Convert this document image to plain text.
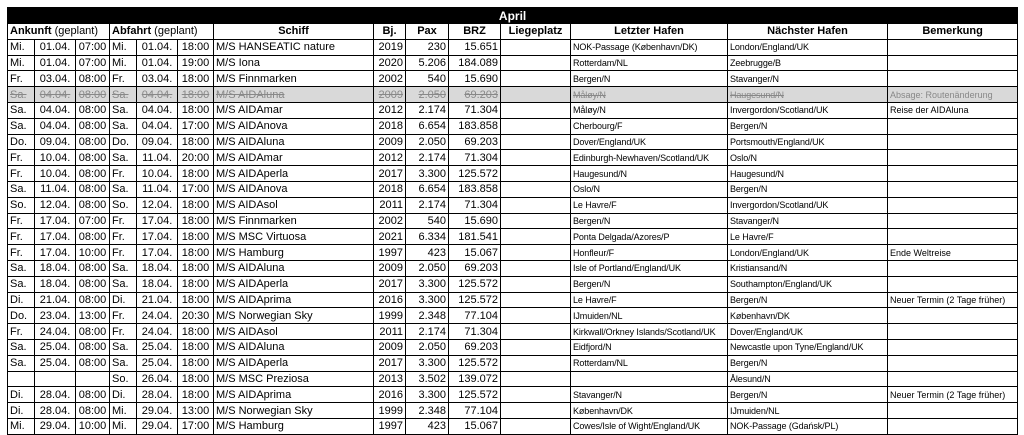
April													
Ankunft (geplant)			Abfahrt (geplant)			Schiff	Bj.	Pax	BRZ	Liegeplatz	Letzter Hafen	Nächster Hafen	Bemerkung
Mi.	01.04.	07:00	Mi.	01.04.	18:00	M/S HANSEATIC nature	2019	230	15.651		NOK-Passage (København/DK)	London/England/UK	
Mi.	01.04.	07:00	Mi.	01.04.	19:00	M/S Iona	2020	5.206	184.089		Rotterdam/NL	Zeebrugge/B	
Fr.	03.04.	08:00	Fr.	03.04.	18:00	M/S Finnmarken	2002	540	15.690		Bergen/N	Stavanger/N	
Sa.	04.04.	08:00	Sa.	04.04.	18:00	M/S AIDAluna	2009	2.050	69.203		Måløy/N	Haugesund/N	Absage: Routenänderung
Sa.	04.04.	08:00	Sa.	04.04.	18:00	M/S AIDAmar	2012	2.174	71.304		Måløy/N	Invergordon/Scotland/UK	Reise der AIDAluna
Sa.	04.04.	08:00	Sa.	04.04.	17:00	M/S AIDAnova	2018	6.654	183.858		Cherbourg/F	Bergen/N	
Do.	09.04.	08:00	Do.	09.04.	18:00	M/S AIDAluna	2009	2.050	69.203		Dover/England/UK	Portsmouth/England/UK	
Fr.	10.04.	08:00	Sa.	11.04.	20:00	M/S AIDAmar	2012	2.174	71.304		Edinburgh-Newhaven/Scotland/UK	Oslo/N	
Fr.	10.04.	08:00	Fr.	10.04.	18:00	M/S AIDAperla	2017	3.300	125.572		Haugesund/N	Haugesund/N	
Sa.	11.04.	08:00	Sa.	11.04.	17:00	M/S AIDAnova	2018	6.654	183.858		Oslo/N	Bergen/N	
So.	12.04.	08:00	So.	12.04.	18:00	M/S AIDAsol	2011	2.174	71.304		Le Havre/F	Invergordon/Scotland/UK	
Fr.	17.04.	07:00	Fr.	17.04.	18:00	M/S Finnmarken	2002	540	15.690		Bergen/N	Stavanger/N	
Fr.	17.04.	08:00	Fr.	17.04.	18:00	M/S MSC Virtuosa	2021	6.334	181.541		Ponta Delgada/Azores/P	Le Havre/F	
Fr.	17.04.	10:00	Fr.	17.04.	18:00	M/S Hamburg	1997	423	15.067		Honfleur/F	London/England/UK	Ende Weltreise
Sa.	18.04.	08:00	Sa.	18.04.	18:00	M/S AIDAluna	2009	2.050	69.203		Isle of Portland/England/UK	Kristiansand/N	
Sa.	18.04.	08:00	Sa.	18.04.	18:00	M/S AIDAperla	2017	3.300	125.572		Bergen/N	Southampton/England/UK	
Di.	21.04.	08:00	Di.	21.04.	18:00	M/S AIDAprima	2016	3.300	125.572		Le Havre/F	Bergen/N	Neuer Termin (2 Tage früher)
Do.	23.04.	13:00	Fr.	24.04.	20:30	M/S Norwegian Sky	1999	2.348	77.104		IJmuiden/NL	København/DK	
Fr.	24.04.	08:00	Fr.	24.04.	18:00	M/S AIDAsol	2011	2.174	71.304		Kirkwall/Orkney Islands/Scotland/UK	Dover/England/UK	
Sa.	25.04.	08:00	Sa.	25.04.	18:00	M/S AIDAluna	2009	2.050	69.203		Eidfjord/N	Newcastle upon Tyne/England/UK	
Sa.	25.04.	08:00	Sa.	25.04.	18:00	M/S AIDAperla	2017	3.300	125.572		Rotterdam/NL	Bergen/N	
			So.	26.04.	18:00	M/S MSC Preziosa	2013	3.502	139.072			Ålesund/N	
Di.	28.04.	08:00	Di.	28.04.	18:00	M/S AIDAprima	2016	3.300	125.572		Stavanger/N	Bergen/N	Neuer Termin (2 Tage früher)
Di.	28.04.	08:00	Mi.	29.04.	13:00	M/S Norwegian Sky	1999	2.348	77.104		København/DK	IJmuiden/NL	
Mi.	29.04.	10:00	Mi.	29.04.	17:00	M/S Hamburg	1997	423	15.067		Cowes/Isle of Wight/England/UK	NOK-Passage (Gdańsk/PL)	
